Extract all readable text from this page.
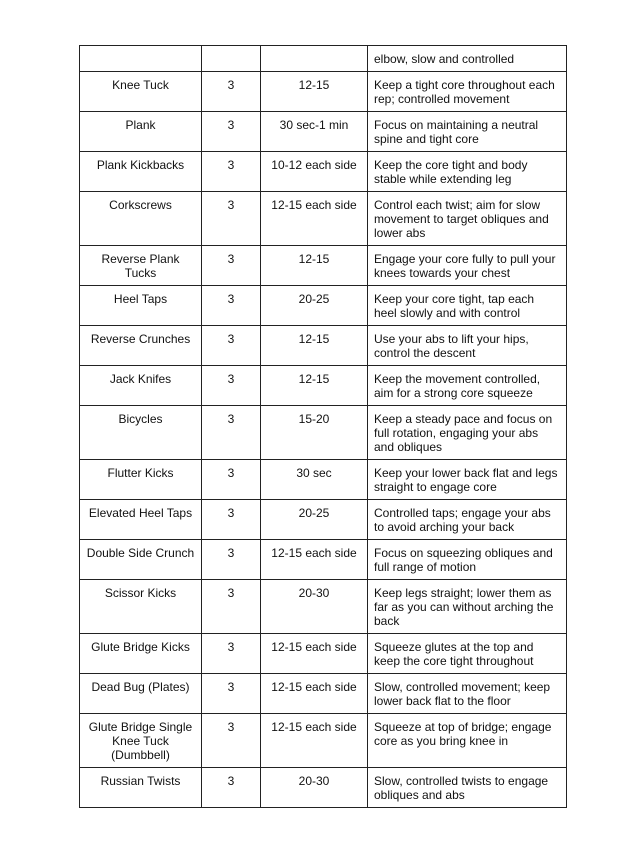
			elbow, slow and controlled
Knee Tuck	3	12-15	Keep a tight core throughout each rep; controlled movement
Plank	3	30 sec-1 min	Focus on maintaining a neutral spine and tight core
Plank Kickbacks	3	10-12 each side	Keep the core tight and body stable while extending leg
Corkscrews	3	12-15 each side	Control each twist; aim for slow movement to target obliques and lower abs
Reverse Plank Tucks	3	12-15	Engage your core fully to pull your knees towards your chest
Heel Taps	3	20-25	Keep your core tight, tap each heel slowly and with control
Reverse Crunches	3	12-15	Use your abs to lift your hips, control the descent
Jack Knifes	3	12-15	Keep the movement controlled, aim for a strong core squeeze
Bicycles	3	15-20	Keep a steady pace and focus on full rotation, engaging your abs and obliques
Flutter Kicks	3	30 sec	Keep your lower back flat and legs straight to engage core
Elevated Heel Taps	3	20-25	Controlled taps; engage your abs to avoid arching your back
Double Side Crunch	3	12-15 each side	Focus on squeezing obliques and full range of motion
Scissor Kicks	3	20-30	Keep legs straight; lower them as far as you can without arching the back
Glute Bridge Kicks	3	12-15 each side	Squeeze glutes at the top and keep the core tight throughout
Dead Bug (Plates)	3	12-15 each side	Slow, controlled movement; keep lower back flat to the floor
Glute Bridge Single Knee Tuck (Dumbbell)	3	12-15 each side	Squeeze at top of bridge; engage core as you bring knee in
Russian Twists	3	20-30	Slow, controlled twists to engage obliques and abs
